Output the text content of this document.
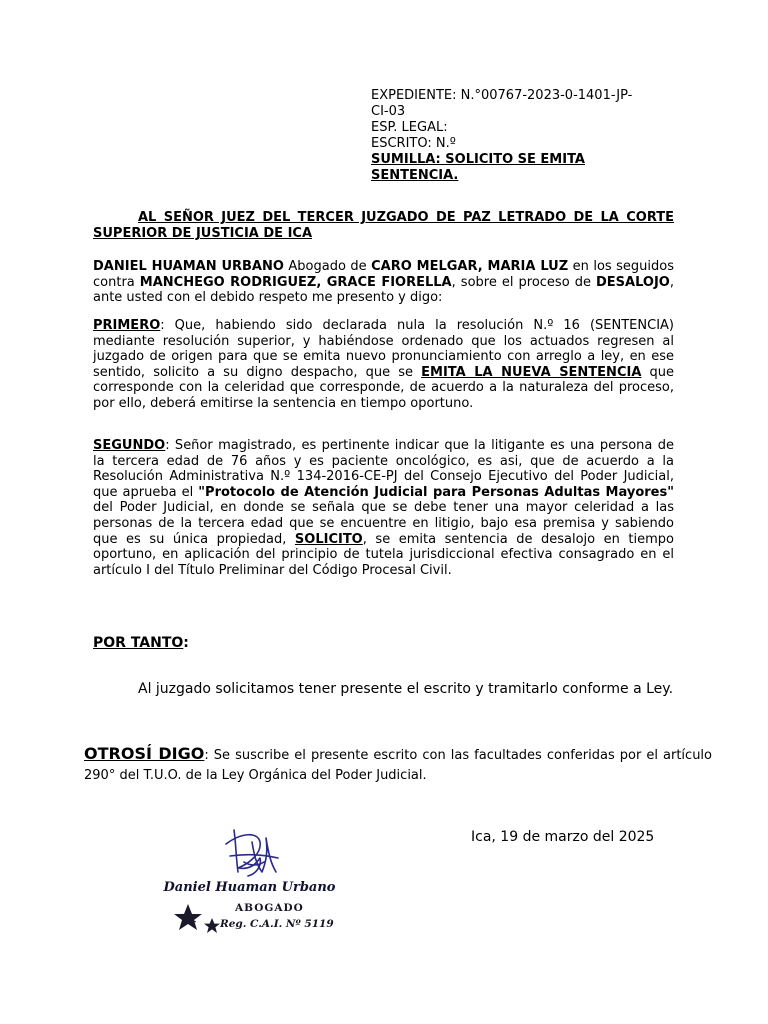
EXPEDIENTE: N.°00767-2023-0-1401-JP-
CI-03
ESP. LEGAL:
ESCRITO: N.º
SUMILLA: SOLICITO SE EMITA
SENTENCIA.
AL SEÑOR JUEZ DEL TERCER JUZGADO DE PAZ LETRADO DE LA CORTE SUPERIOR DE JUSTICIA DE ICA
DANIEL HUAMAN URBANO Abogado de CARO MELGAR, MARIA LUZ en los seguidos contra MANCHEGO RODRIGUEZ, GRACE FIORELLA, sobre el proceso de DESALOJO, ante usted con el debido respeto me presento y digo:
PRIMERO: Que, habiendo sido declarada nula la resolución N.º 16 (SENTENCIA) mediante resolución superior, y habiéndose ordenado que los actuados regresen al juzgado de origen para que se emita nuevo pronunciamiento con arreglo a ley, en ese sentido, solicito a su digno despacho, que se EMITA LA NUEVA SENTENCIA que corresponde con la celeridad que corresponde, de acuerdo a la naturaleza del proceso, por ello, deberá emitirse la sentencia en tiempo oportuno.
SEGUNDO: Señor magistrado, es pertinente indicar que la litigante es una persona de la tercera edad de 76 años y es paciente oncológico, es asi, que de acuerdo a la Resolución Administrativa N.º 134-2016-CE-PJ del Consejo Ejecutivo del Poder Judicial, que aprueba el "Protocolo de Atención Judicial para Personas Adultas Mayores" del Poder Judicial, en donde se señala que se debe tener una mayor celeridad a las personas de la tercera edad que se encuentre en litigio, bajo esa premisa y sabiendo que es su única propiedad, SOLICITO, se emita sentencia de desalojo en tiempo oportuno, en aplicación del principio de tutela jurisdiccional efectiva consagrado en el artículo I del Título Preliminar del Código Procesal Civil.
POR TANTO:
Al juzgado solicitamos tener presente el escrito y tramitarlo conforme a Ley.
OTROSÍ DIGO: Se suscribe el presente escrito con las facultades conferidas por el artículo 290° del T.U.O. de la Ley Orgánica del Poder Judicial.
Ica, 19 de marzo del 2025
Daniel Huaman Urbano
ABOGADO
Reg. C.A.I. Nº 5119
